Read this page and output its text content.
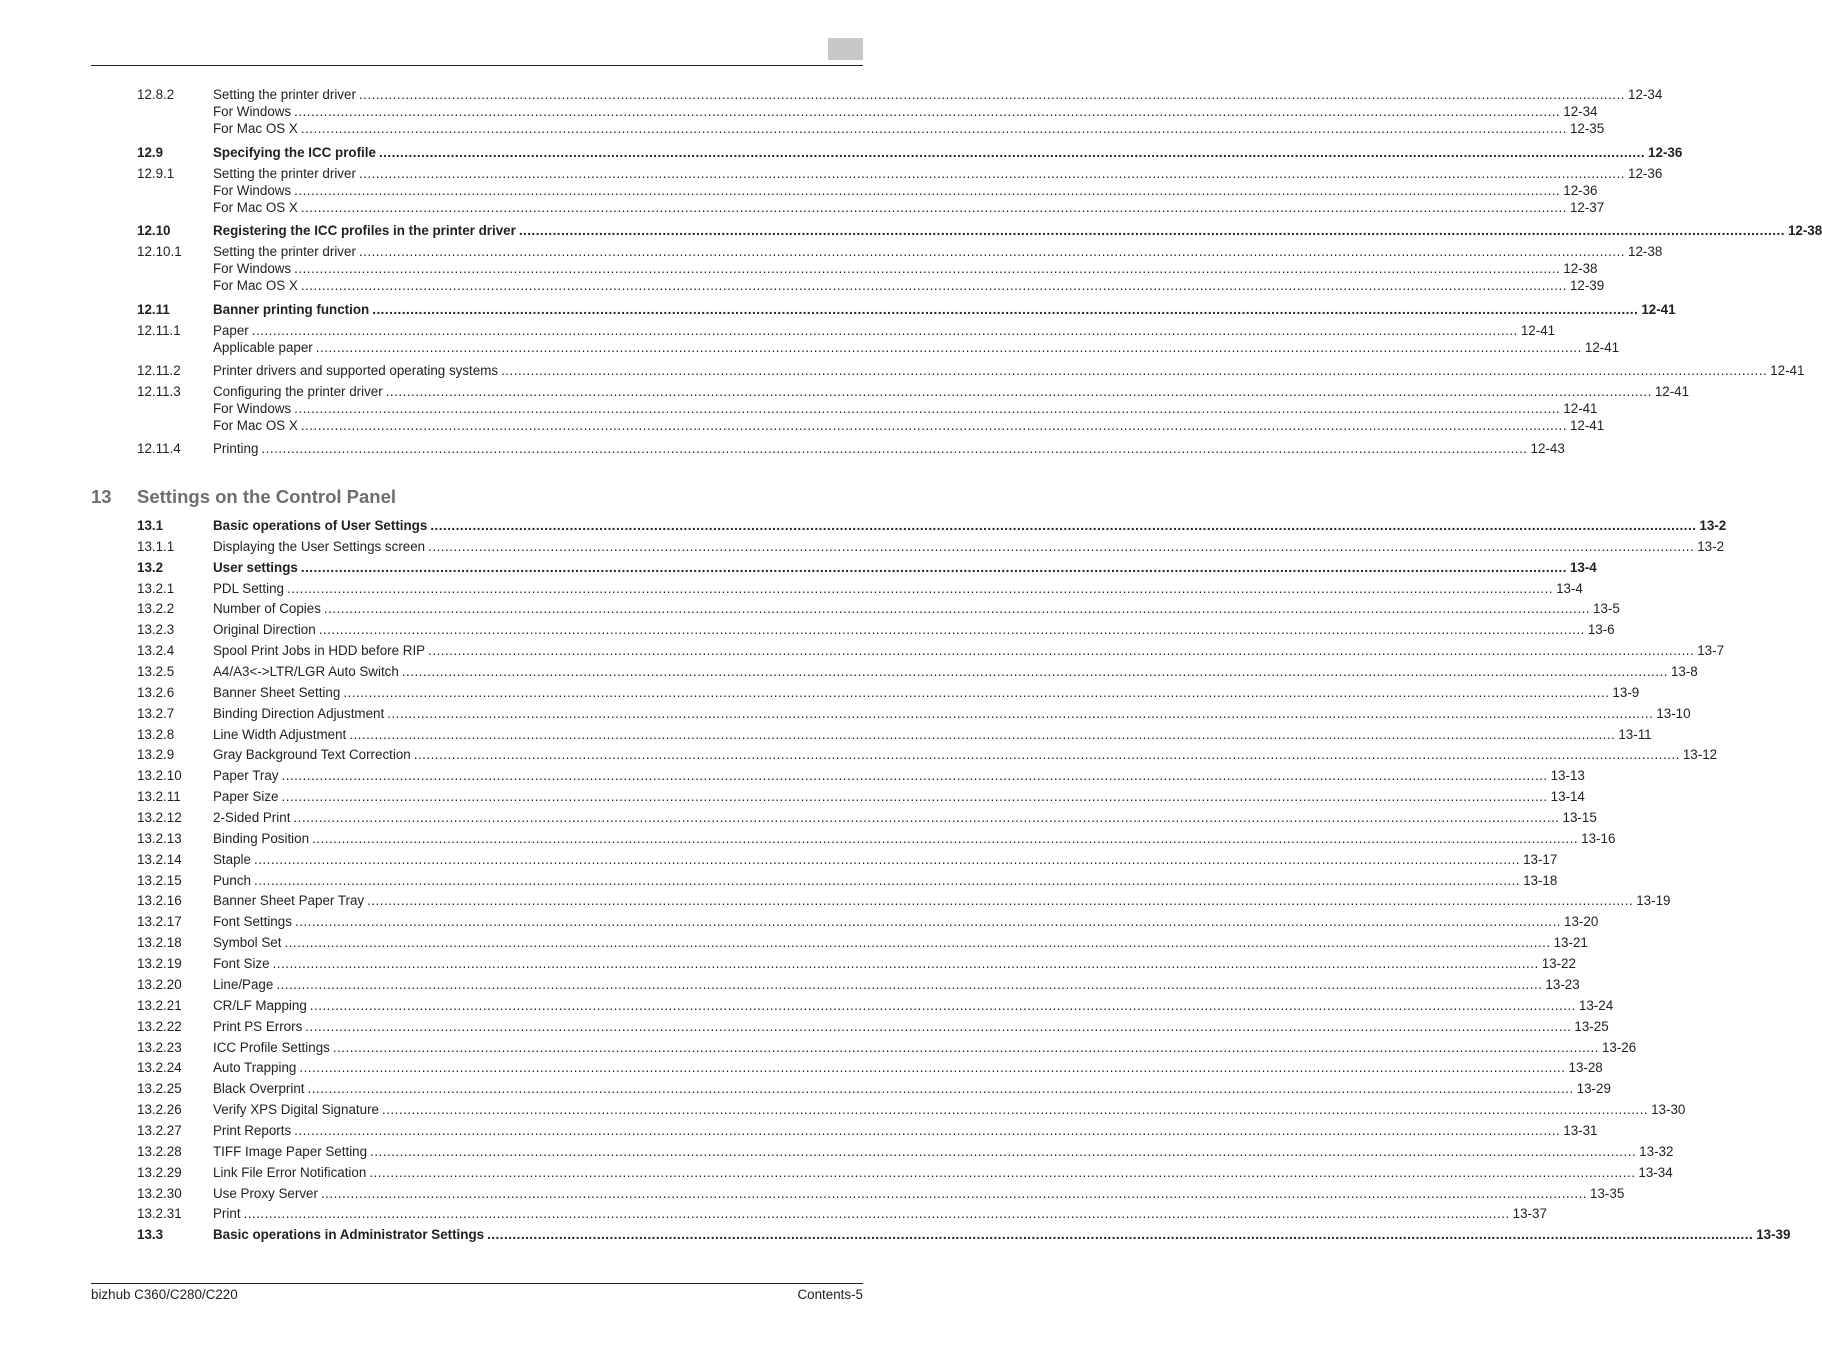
12.8.2	Setting the printer driver ............................................................................................................................................................................................................................................................................................................ 12-34
For Windows ............................................................................................................................................................................................................................................................................................................ 12-34
For Mac OS X ............................................................................................................................................................................................................................................................................................................ 12-35
12.9	Specifying the ICC profile ............................................................................................................................................................................................................................................................................................................ 12-36
12.9.1	Setting the printer driver ............................................................................................................................................................................................................................................................................................................ 12-36
For Windows ............................................................................................................................................................................................................................................................................................................ 12-36
For Mac OS X ............................................................................................................................................................................................................................................................................................................ 12-37
12.10	Registering the ICC profiles in the printer driver ............................................................................................................................................................................................................................................................................................................ 12-38
12.10.1 Setting the printer driver ............................................................................................................................................................................................................................................................................................................ 12-38
For Windows ............................................................................................................................................................................................................................................................................................................ 12-38
For Mac OS X ............................................................................................................................................................................................................................................................................................................ 12-39
12.11	Banner printing function ............................................................................................................................................................................................................................................................................................................ 12-41
12.11.1 Paper ............................................................................................................................................................................................................................................................................................................ 12-41
Applicable paper ............................................................................................................................................................................................................................................................................................................ 12-41
12.11.2 Printer drivers and supported operating systems ............................................................................................................................................................................................................................................................................................................ 12-41
12.11.3 Configuring the printer driver ............................................................................................................................................................................................................................................................................................................ 12-41
For Windows ............................................................................................................................................................................................................................................................................................................ 12-41
For Mac OS X ............................................................................................................................................................................................................................................................................................................ 12-41
12.11.4 Printing ............................................................................................................................................................................................................................................................................................................ 12-43
13 Settings on the Control Panel
13.1	Basic operations of User Settings ............................................................................................................................................................................................................................................................................................................ 13-2
13.1.1	Displaying the User Settings screen ............................................................................................................................................................................................................................................................................................................ 13-2
13.2	User settings ............................................................................................................................................................................................................................................................................................................ 13-4
13.2.1	PDL Setting ............................................................................................................................................................................................................................................................................................................ 13-4
13.2.2	Number of Copies ............................................................................................................................................................................................................................................................................................................ 13-5
13.2.3	Original Direction ............................................................................................................................................................................................................................................................................................................ 13-6
13.2.4	Spool Print Jobs in HDD before RIP ............................................................................................................................................................................................................................................................................................................ 13-7
13.2.5	A4/A3<->LTR/LGR Auto Switch ............................................................................................................................................................................................................................................................................................................ 13-8
13.2.6	Banner Sheet Setting ............................................................................................................................................................................................................................................................................................................ 13-9
13.2.7	Binding Direction Adjustment ............................................................................................................................................................................................................................................................................................................ 13-10
13.2.8	Line Width Adjustment ............................................................................................................................................................................................................................................................................................................ 13-11
13.2.9	Gray Background Text Correction ............................................................................................................................................................................................................................................................................................................ 13-12
13.2.10 Paper Tray ............................................................................................................................................................................................................................................................................................................ 13-13
13.2.11 Paper Size ............................................................................................................................................................................................................................................................................................................ 13-14
13.2.12 2-Sided Print ............................................................................................................................................................................................................................................................................................................ 13-15
13.2.13 Binding Position ............................................................................................................................................................................................................................................................................................................ 13-16
13.2.14 Staple ............................................................................................................................................................................................................................................................................................................ 13-17
13.2.15 Punch ............................................................................................................................................................................................................................................................................................................ 13-18
13.2.16 Banner Sheet Paper Tray ............................................................................................................................................................................................................................................................................................................ 13-19
13.2.17 Font Settings ............................................................................................................................................................................................................................................................................................................ 13-20
13.2.18 Symbol Set ............................................................................................................................................................................................................................................................................................................ 13-21
13.2.19 Font Size ............................................................................................................................................................................................................................................................................................................ 13-22
13.2.20 Line/Page ............................................................................................................................................................................................................................................................................................................ 13-23
13.2.21 CR/LF Mapping ............................................................................................................................................................................................................................................................................................................ 13-24
13.2.22 Print PS Errors ............................................................................................................................................................................................................................................................................................................ 13-25
13.2.23 ICC Profile Settings ............................................................................................................................................................................................................................................................................................................ 13-26
13.2.24 Auto Trapping ............................................................................................................................................................................................................................................................................................................ 13-28
13.2.25 Black Overprint ............................................................................................................................................................................................................................................................................................................ 13-29
13.2.26 Verify XPS Digital Signature ............................................................................................................................................................................................................................................................................................................ 13-30
13.2.27 Print Reports ............................................................................................................................................................................................................................................................................................................ 13-31
13.2.28 TIFF Image Paper Setting ............................................................................................................................................................................................................................................................................................................ 13-32
13.2.29 Link File Error Notification ............................................................................................................................................................................................................................................................................................................ 13-34
13.2.30 Use Proxy Server ............................................................................................................................................................................................................................................................................................................ 13-35
13.2.31 Print ............................................................................................................................................................................................................................................................................................................ 13-37
13.3	Basic operations in Administrator Settings ............................................................................................................................................................................................................................................................................................................ 13-39
bizhub C360/C280/C220	Contents-5
